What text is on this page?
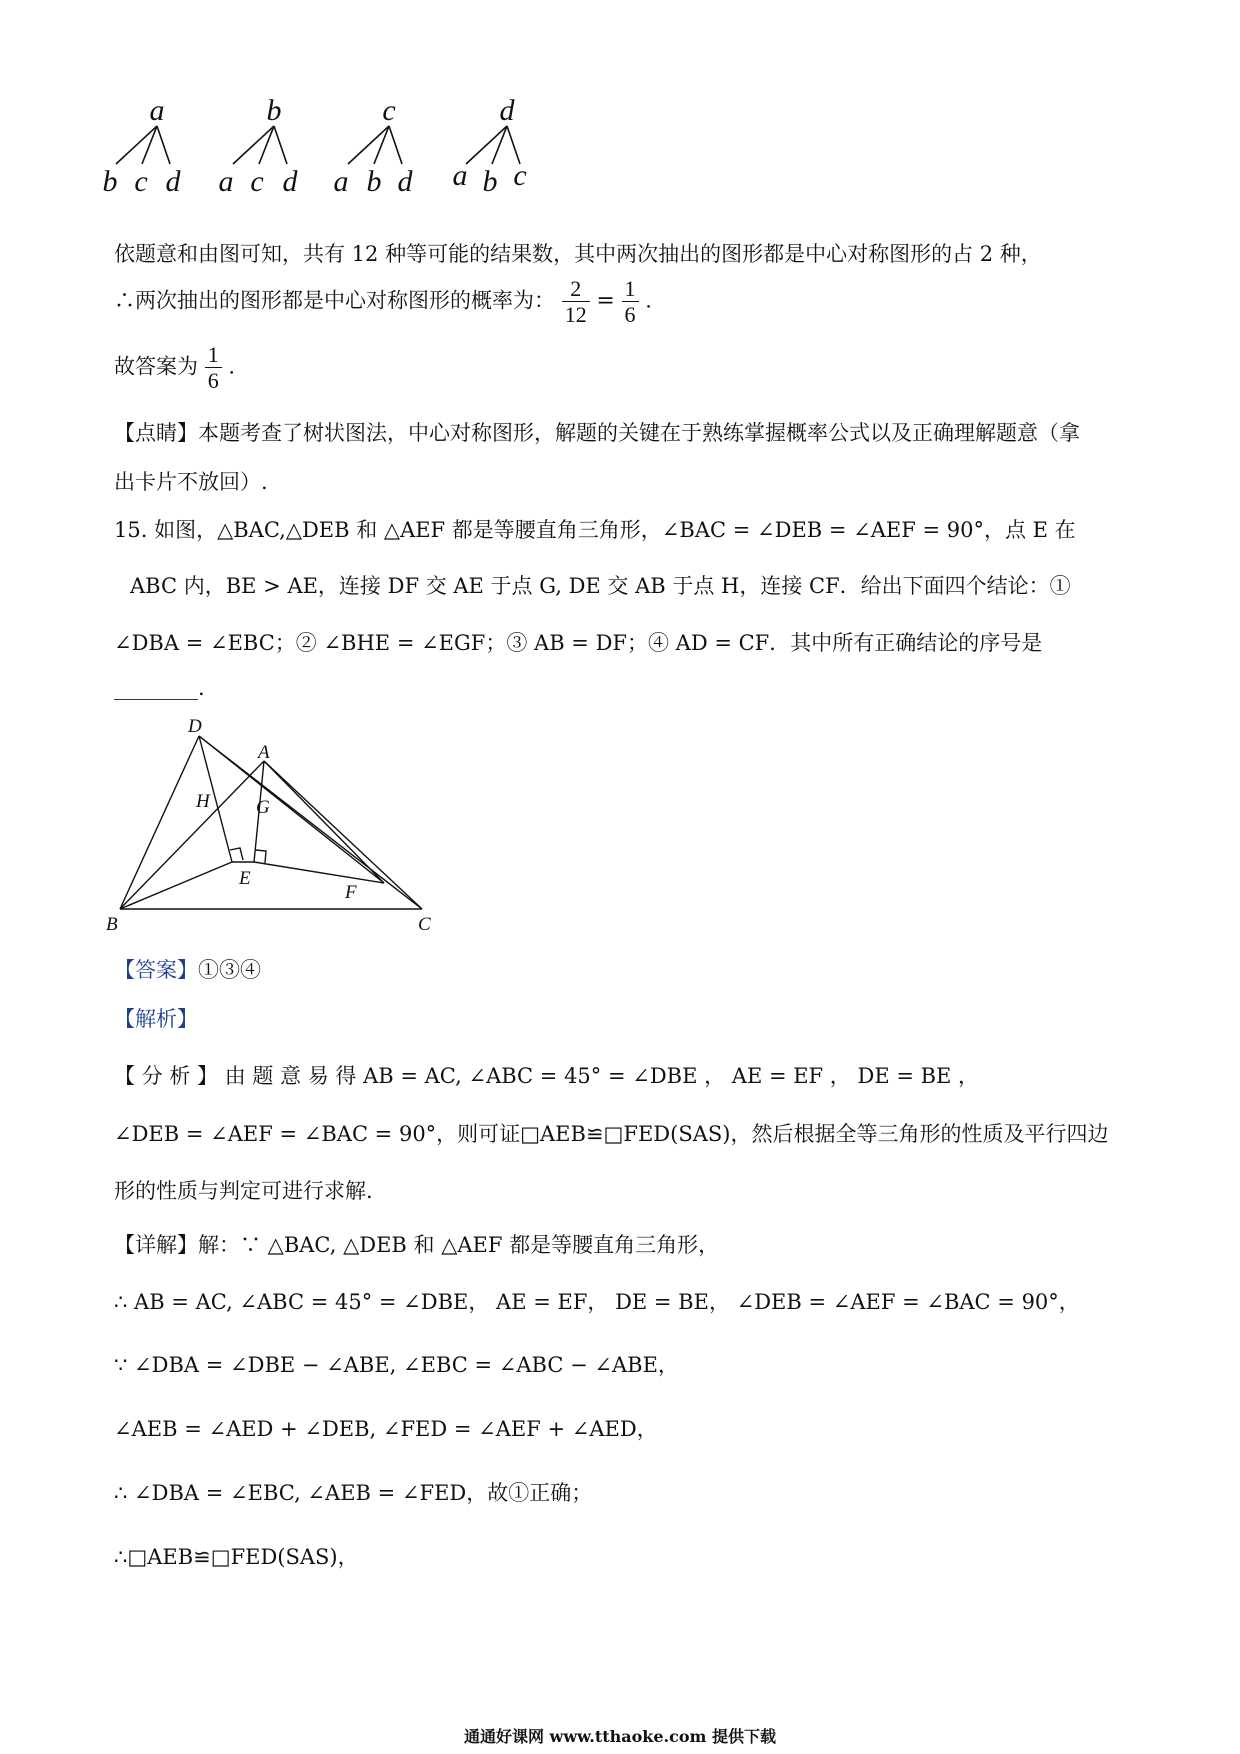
a
b c d
b
a c d
c
a b d
d
a b c
依题意和由图可知，共有 12 种等可能的结果数，其中两次抽出的图形都是中心对称图形的占 2 种，
∴两次抽出的图形都是中心对称图形的概率为： $\frac{2}{12} = \frac{1}{6}$ .
故答案为 $\frac{1}{6}$ .
【点睛】本题考查了树状图法，中心对称图形，解题的关键在于熟练掌握概率公式以及正确理解题意（拿
出卡片不放回）.
15. 如图，△BAC,△DEB 和 △AEF 都是等腰直角三角形，∠BAC = ∠DEB = ∠AEF = 90°，点 E 在
ABC 内，BE > AE，连接 DF 交 AE 于点 G, DE 交 AB 于点 H，连接 CF．给出下面四个结论：①
∠DBA = ∠EBC；② ∠BHE = ∠EGF；③ AB = DF；④ AD = CF．其中所有正确结论的序号是
________.
D
A
H G
E
F
B	C
【答案】①③④
【解析】
【 分 析 】 由 题 意 易 得 AB = AC, ∠ABC = 45° = ∠DBE ， AE = EF ， DE = BE ，
∠DEB = ∠AEF = ∠BAC = 90°，则可证□AEB≌□FED(SAS)，然后根据全等三角形的性质及平行四边
形的性质与判定可进行求解.
【详解】解：∵ △BAC, △DEB 和 △AEF 都是等腰直角三角形，
∴ AB = AC, ∠ABC = 45° = ∠DBE， AE = EF， DE = BE， ∠DEB = ∠AEF = ∠BAC = 90°，
∵ ∠DBA = ∠DBE − ∠ABE, ∠EBC = ∠ABC − ∠ABE，
∠AEB = ∠AED + ∠DEB, ∠FED = ∠AEF + ∠AED，
∴ ∠DBA = ∠EBC, ∠AEB = ∠FED，故①正确；
∴□AEB≌□FED(SAS)，
通通好课网 www.tthaoke.com 提供下载
